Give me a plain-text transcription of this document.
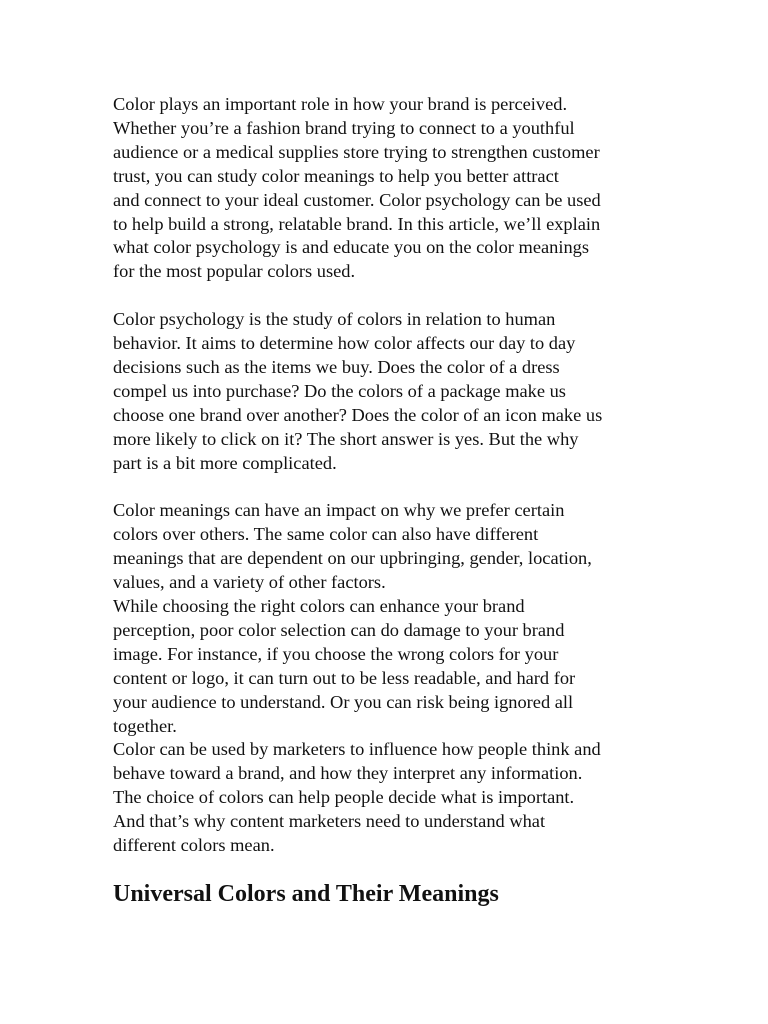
Color plays an important role in how your brand is perceived.
Whether you’re a fashion brand trying to connect to a youthful
audience or a medical supplies store trying to strengthen customer
trust, you can study color meanings to help you better attract
and connect to your ideal customer. Color psychology can be used
to help build a strong, relatable brand. In this article, we’ll explain
what color psychology is and educate you on the color meanings
for the most popular colors used.
Color psychology is the study of colors in relation to human
behavior. It aims to determine how color affects our day to day
decisions such as the items we buy. Does the color of a dress
compel us into purchase? Do the colors of a package make us
choose one brand over another? Does the color of an icon make us
more likely to click on it? The short answer is yes. But the why
part is a bit more complicated.
Color meanings can have an impact on why we prefer certain
colors over others. The same color can also have different
meanings that are dependent on our upbringing, gender, location,
values, and a variety of other factors.
While choosing the right colors can enhance your brand
perception, poor color selection can do damage to your brand
image. For instance, if you choose the wrong colors for your
content or logo, it can turn out to be less readable, and hard for
your audience to understand. Or you can risk being ignored all
together.
Color can be used by marketers to influence how people think and
behave toward a brand, and how they interpret any information.
The choice of colors can help people decide what is important.
And that’s why content marketers need to understand what
different colors mean.
Universal Colors and Their Meanings
